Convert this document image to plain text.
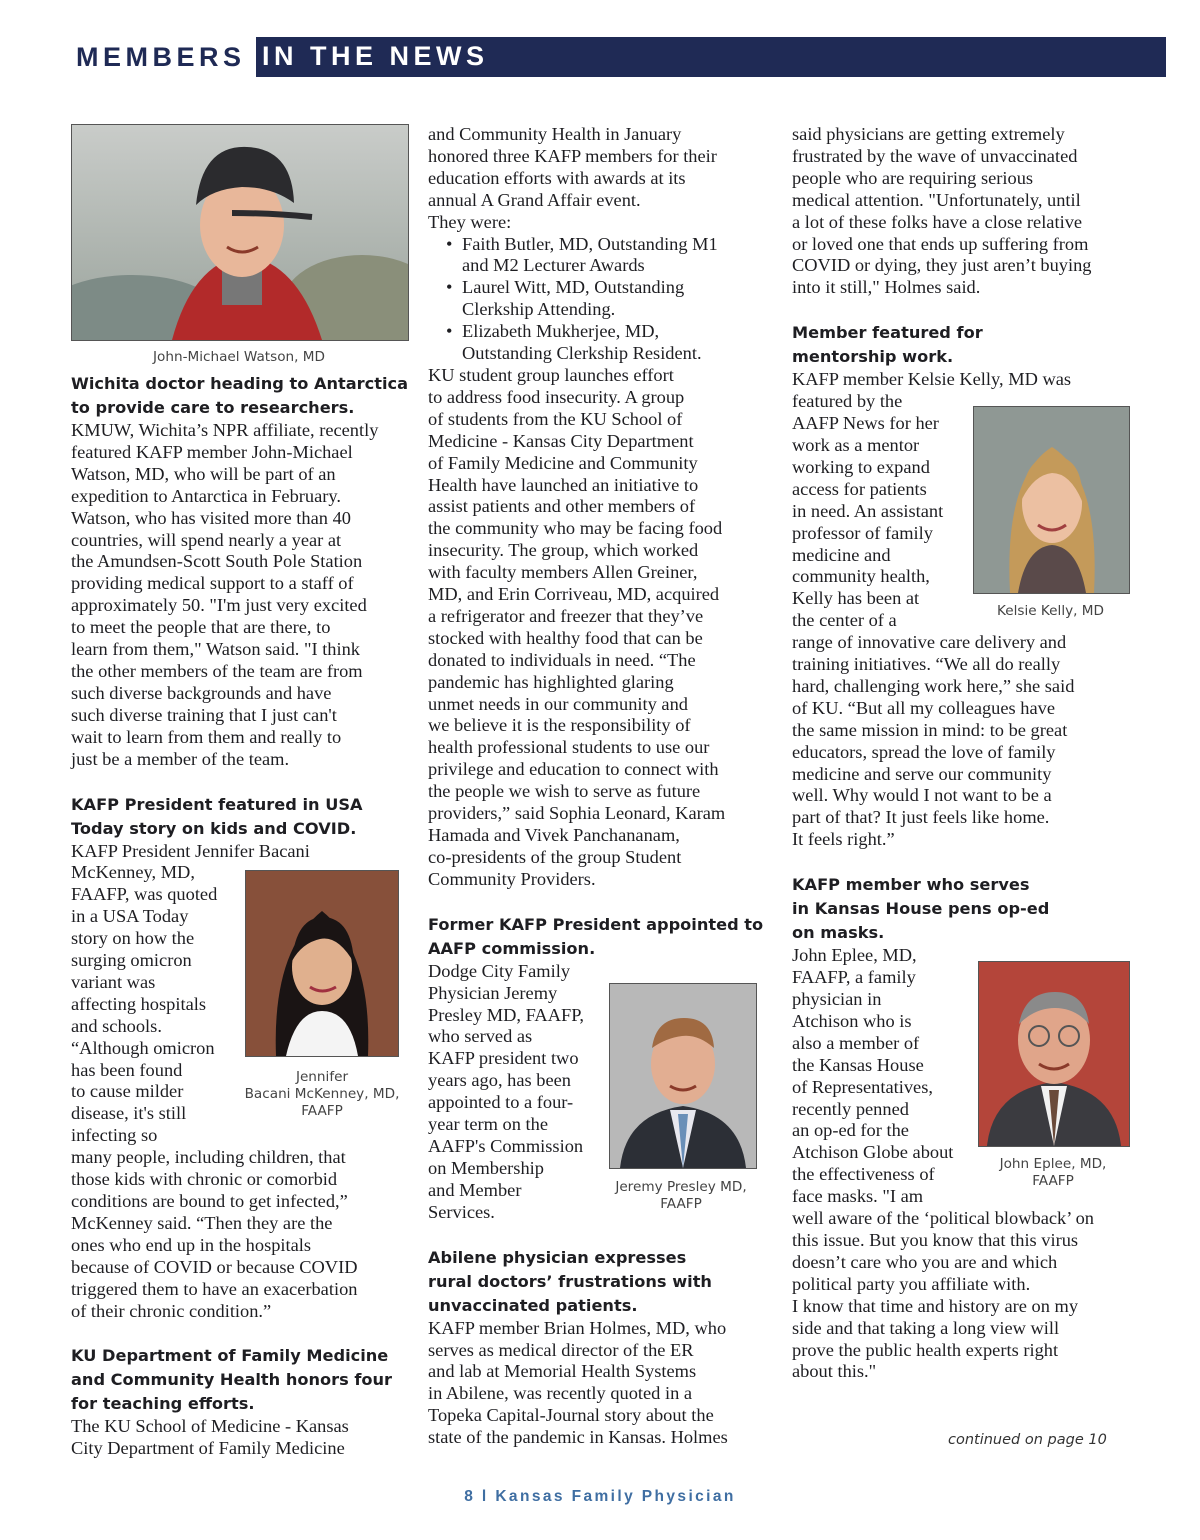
MEMBERS IN THE NEWS
John-Michael Watson, MD
Wichita doctor heading to Antarctica
to provide care to researchers.
KMUW, Wichita’s NPR affiliate, recently
featured KAFP member John-Michael
Watson, MD, who will be part of an
expedition to Antarctica in February.
Watson, who has visited more than 40
countries, will spend nearly a year at
the Amundsen-Scott South Pole Station
providing medical support to a staff of
approximately 50. "I'm just very excited
to meet the people that are there, to
learn from them," Watson said. "I think
the other members of the team are from
such diverse backgrounds and have
such diverse training that I just can't
wait to learn from them and really to
just be a member of the team.
KAFP President featured in USA
Today story on kids and COVID.
KAFP President Jennifer Bacani
McKenney, MD,
FAAFP, was quoted
in a USA Today
story on how the
surging omicron
variant was
affecting hospitals
and schools.
“Although omicron
has been found
to cause milder
disease, it's still
infecting so
many people, including children, that
those kids with chronic or comorbid
conditions are bound to get infected,”
McKenney said. “Then they are the
ones who end up in the hospitals
because of COVID or because COVID
triggered them to have an exacerbation
of their chronic condition.”
KU Department of Family Medicine
and Community Health honors four
for teaching efforts.
The KU School of Medicine - Kansas
City Department of Family Medicine
Jennifer
Bacani McKenney, MD,
FAAFP
and Community Health in January
honored three KAFP members for their
education efforts with awards at its
annual A Grand Affair event.
They were:
• Faith Butler, MD, Outstanding M1
and M2 Lecturer Awards
• Laurel Witt, MD, Outstanding
Clerkship Attending.
• Elizabeth Mukherjee, MD,
Outstanding Clerkship Resident.
KU student group launches effort
to address food insecurity. A group
of students from the KU School of
Medicine - Kansas City Department
of Family Medicine and Community
Health have launched an initiative to
assist patients and other members of
the community who may be facing food
insecurity. The group, which worked
with faculty members Allen Greiner,
MD, and Erin Corriveau, MD, acquired
a refrigerator and freezer that they’ve
stocked with healthy food that can be
donated to individuals in need. “The
pandemic has highlighted glaring
unmet needs in our community and
we believe it is the responsibility of
health professional students to use our
privilege and education to connect with
the people we wish to serve as future
providers,” said Sophia Leonard, Karam
Hamada and Vivek Panchananam,
co-presidents of the group Student
Community Providers.
Former KAFP President appointed to
AAFP commission.
Dodge City Family
Physician Jeremy
Presley MD, FAAFP,
who served as
KAFP president two
years ago, has been
appointed to a four-
year term on the
AAFP's Commission
on Membership
and Member
Services.
Abilene physician expresses
rural doctors’ frustrations with
unvaccinated patients.
KAFP member Brian Holmes, MD, who
serves as medical director of the ER
and lab at Memorial Health Systems
in Abilene, was recently quoted in a
Topeka Capital-Journal story about the
state of the pandemic in Kansas. Holmes
Jeremy Presley MD,
FAAFP
said physicians are getting extremely
frustrated by the wave of unvaccinated
people who are requiring serious
medical attention. "Unfortunately, until
a lot of these folks have a close relative
or loved one that ends up suffering from
COVID or dying, they just aren’t buying
into it still," Holmes said.
Member featured for
mentorship work.
KAFP member Kelsie Kelly, MD was
featured by the
AAFP News for her
work as a mentor
working to expand
access for patients
in need. An assistant
professor of family
medicine and
community health,
Kelly has been at
the center of a
range of innovative care delivery and
training initiatives. “We all do really
hard, challenging work here,” she said
of KU. “But all my colleagues have
the same mission in mind: to be great
educators, spread the love of family
medicine and serve our community
well. Why would I not want to be a
part of that? It just feels like home.
It feels right.”
KAFP member who serves
in Kansas House pens op-ed
on masks.
John Eplee, MD,
FAAFP, a family
physician in
Atchison who is
also a member of
the Kansas House
of Representatives,
recently penned
an op-ed for the
Atchison Globe about
the effectiveness of
face masks. "I am
well aware of the ‘political blowback’ on
this issue. But you know that this virus
doesn’t care who you are and which
political party you affiliate with.
I know that time and history are on my
side and that taking a long view will
prove the public health experts right
about this."
Kelsie Kelly, MD
John Eplee, MD,
FAAFP
continued on page 10
8 l Kansas Family Physician
